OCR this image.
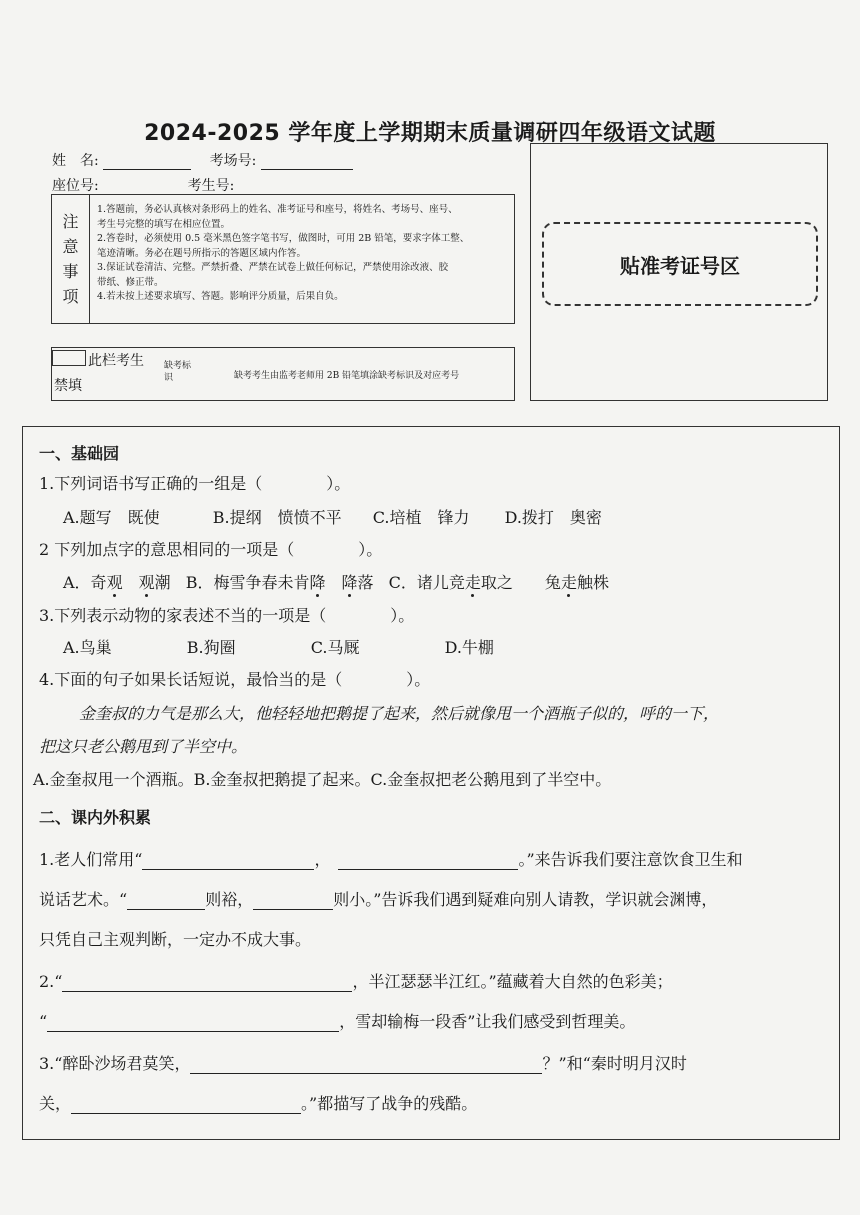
2024-2025 学年度上学期期末质量调研四年级语文试题
姓　名:	考场号:
座位号:	考生号:
注
意
事
项
1.答题前，务必认真核对条形码上的姓名、准考证号和座号，将姓名、考场号、座号、
考生号完整的填写在相应位置。
2.答卷时，必须使用 0.5 毫米黑色签字笔书写，做图时，可用 2B 铅笔，要求字体工整、
笔迹清晰。务必在题号所指示的答题区域内作答。
3.保证试卷清洁、完整。严禁折叠、严禁在试卷上做任何标记，严禁使用涂改液、胶
带纸、修正带。
4.若未按上述要求填写、答题。影响评分质量，后果自负。
此栏考生
禁填
缺考标
识	缺考考生由监考老师用 2B 铅笔填涂缺考标识及对应考号
贴准考证号区
一、基础园
1.下列词语书写正确的一组是（　　　　）。
A.题写　既使	B.提纲　愤愤不平 C.培植　锋力 D.拨打　奥密
2 下列加点字的意思相同的一项是（　　　　）。
A．奇观　 观潮 B．梅雪争春未肯降　 降落 C．诸儿竞走取之　　兔走触株
3.下列表示动物的家表述不当的一项是（　　　　）。
A.鸟巢	B.狗圈	C.马厩	D.牛棚
4.下面的句子如果长话短说，最恰当的是（　　　　）。
金奎叔的力气是那么大，他轻轻地把鹅提了起来，然后就像甩一个酒瓶子似的，呼的一下，
把这只老公鹅甩到了半空中。
A.金奎叔甩一个酒瓶。B.金奎叔把鹅提了起来。C.金奎叔把老公鹅甩到了半空中。
二、课内外积累
1.老人们常用“	，	。”来告诉我们要注意饮食卫生和
说话艺术。“	则裕，	则小。”告诉我们遇到疑难向别人请教，学识就会渊博，
只凭自己主观判断，一定办不成大事。
2.“	，半江瑟瑟半江红。”蕴藏着大自然的色彩美；
“	，雪却输梅一段香”让我们感受到哲理美。
3.“醉卧沙场君莫笑，	？”和“秦时明月汉时
关，	。”都描写了战争的残酷。
